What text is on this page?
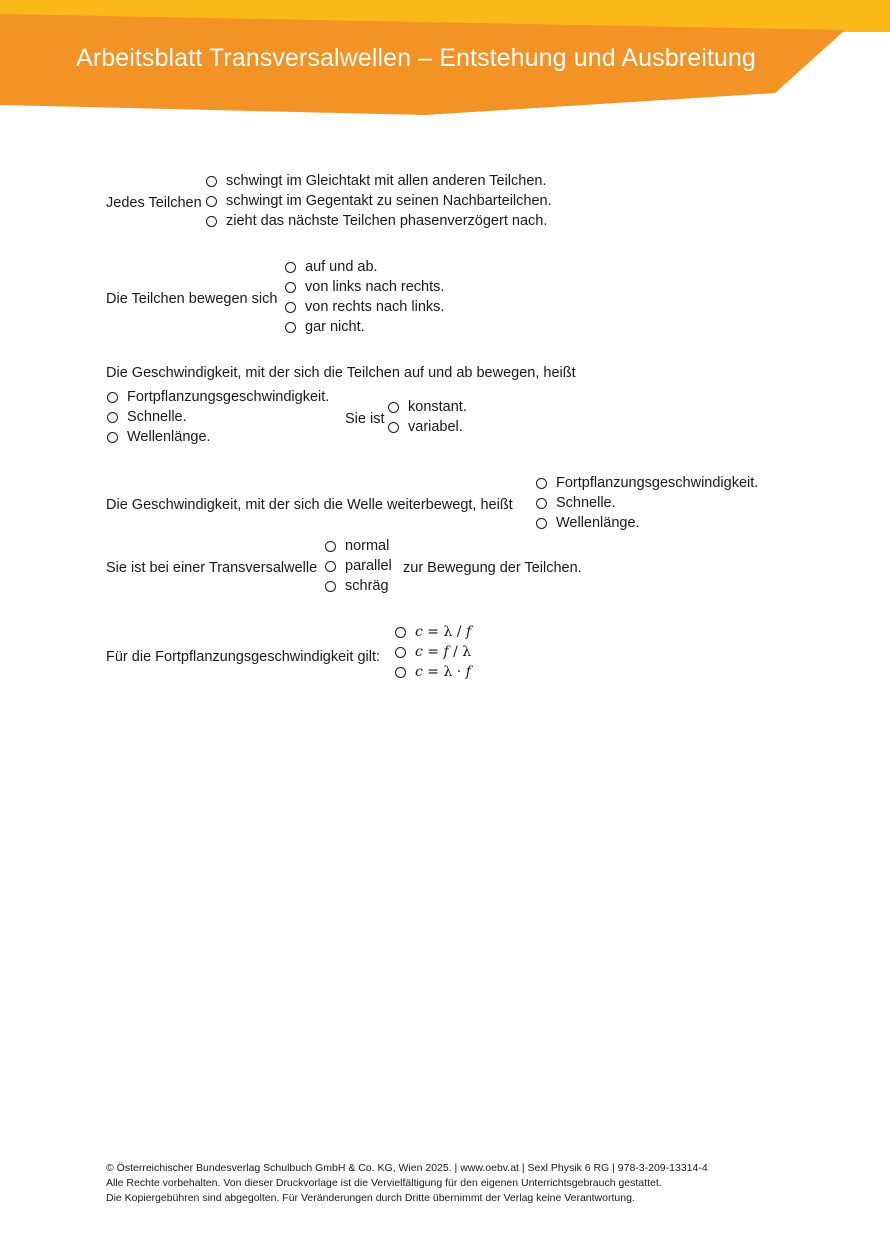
Arbeitsblatt Transversalwellen – Entstehung und Ausbreitung
Jedes Teilchen
schwingt im Gleichtakt mit allen anderen Teilchen.
schwingt im Gegentakt zu seinen Nachbarteilchen.
zieht das nächste Teilchen phasenverzögert nach.
Die Teilchen bewegen sich
auf und ab.
von links nach rechts.
von rechts nach links.
gar nicht.
Die Geschwindigkeit, mit der sich die Teilchen auf und ab bewegen, heißt
Fortpflanzungsgeschwindigkeit.
Schnelle.
Wellenlänge.
Sie ist
konstant.
variabel.
Die Geschwindigkeit, mit der sich die Welle weiterbewegt, heißt
Fortpflanzungsgeschwindigkeit.
Schnelle.
Wellenlänge.
Sie ist bei einer Transversalwelle
normal
parallel
schräg
zur Bewegung der Teilchen.
Für die Fortpflanzungsgeschwindigkeit gilt:
c = λ / f
c = f / λ
c = λ · f
© Österreichischer Bundesverlag Schulbuch GmbH & Co. KG, Wien 2025. | www.oebv.at | Sexl Physik 6 RG | 978-3-209-13314-4
Alle Rechte vorbehalten. Von dieser Druckvorlage ist die Vervielfältigung für den eigenen Unterrichtsgebrauch gestattet.
Die Kopiergebühren sind abgegolten. Für Veränderungen durch Dritte übernimmt der Verlag keine Verantwortung.
